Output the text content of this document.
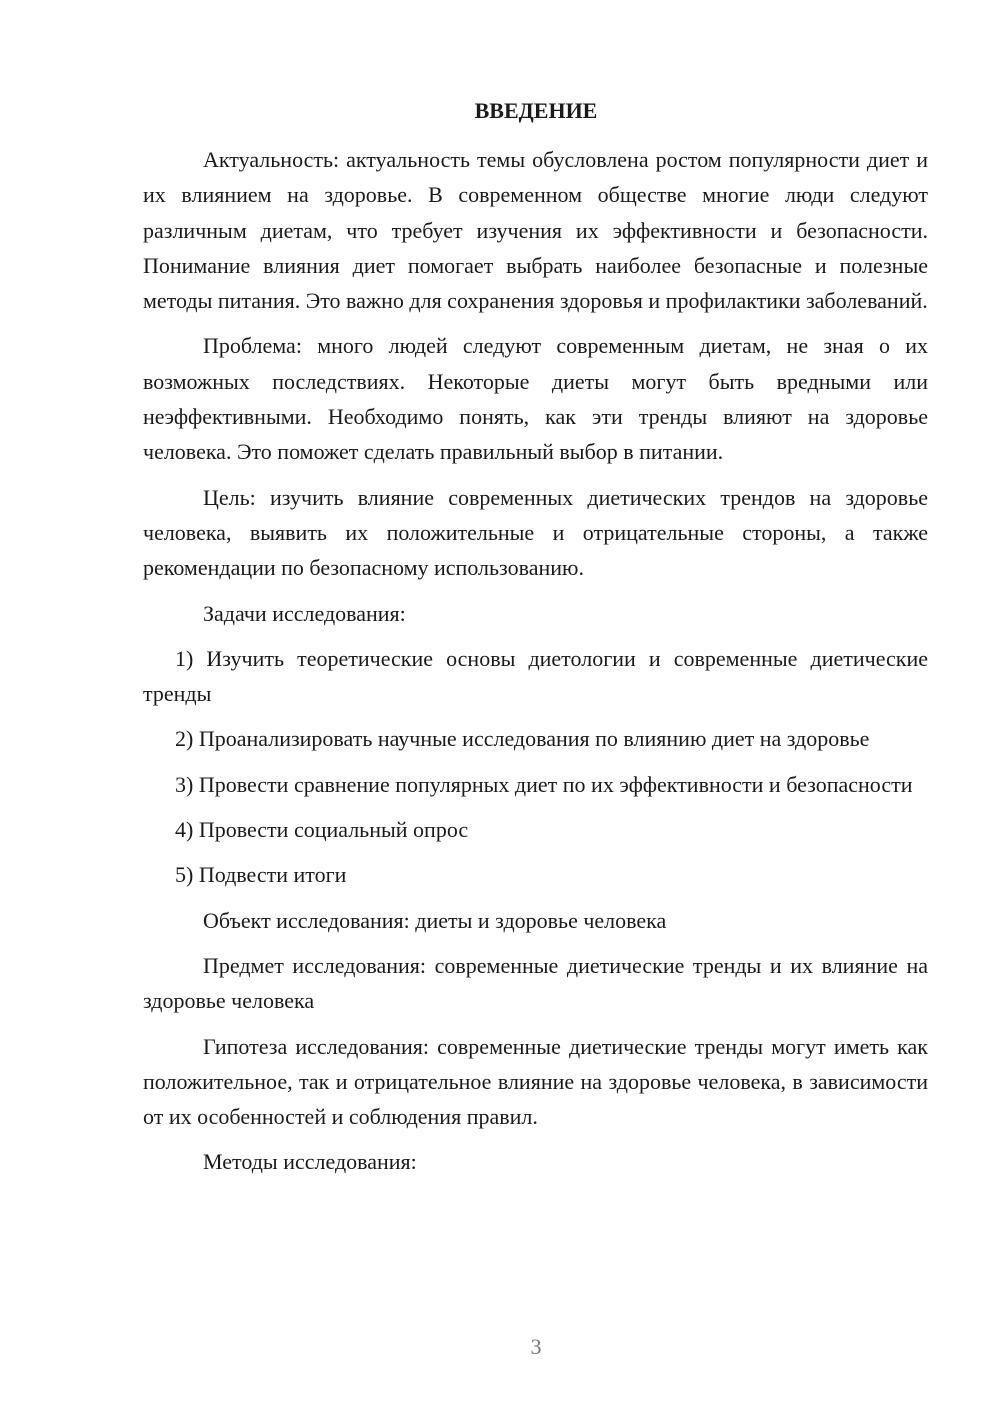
ВВЕДЕНИЕ

Актуальность: актуальность темы обусловлена ростом популярности диет и их влиянием на здоровье. В современном обществе многие люди следуют различным диетам, что требует изучения их эффективности и безопасности. Понимание влияния диет помогает выбрать наиболее безопасные и полезные методы питания. Это важно для сохранения здоровья и профилактики заболеваний.

Проблема: много людей следуют современным диетам, не зная о их возможных последствиях. Некоторые диеты могут быть вредными или неэффективными. Необходимо понять, как эти тренды влияют на здоровье человека. Это поможет сделать правильный выбор в питании.

Цель: изучить влияние современных диетических трендов на здоровье человека, выявить их положительные и отрицательные стороны, а также рекомендации по безопасному использованию.

Задачи исследования:

1) Изучить теоретические основы диетологии и современные диетические тренды

2) Проанализировать научные исследования по влиянию диет на здоровье

3) Провести сравнение популярных диет по их эффективности и безопасности

4) Провести социальный опрос

5) Подвести итоги

Объект исследования: диеты и здоровье человека

Предмет исследования: современные диетические тренды и их влияние на здоровье человека

Гипотеза исследования: современные диетические тренды могут иметь как положительное, так и отрицательное влияние на здоровье человека, в зависимости от их особенностей и соблюдения правил.

Методы исследования:

3
